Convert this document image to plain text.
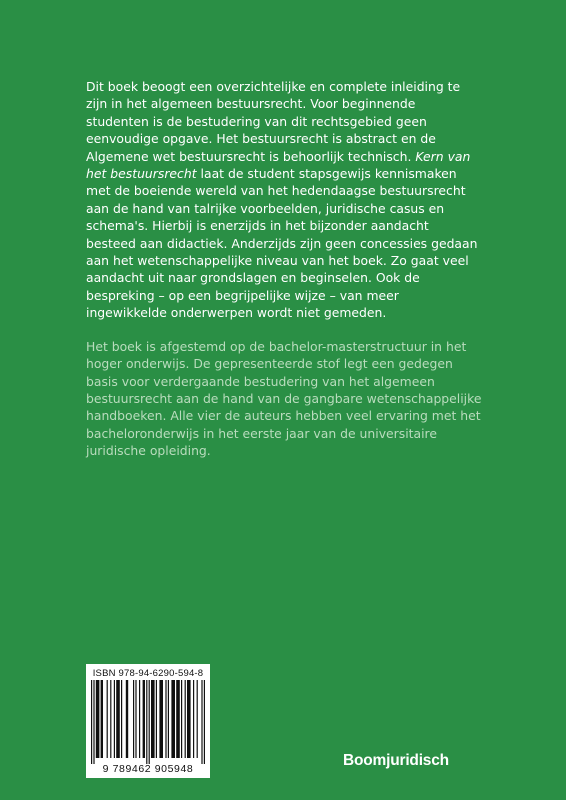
Dit boek beoogt een overzichtelijke en complete inleiding te zijn in het algemeen bestuursrecht. Voor beginnende studenten is de bestudering van dit rechtsgebied geen eenvoudige opgave. Het bestuursrecht is abstract en de Algemene wet bestuursrecht is behoorlijk technisch. Kern van het bestuursrecht laat de student stapsgewijs kennismaken met de boeiende wereld van het hedendaagse bestuursrecht aan de hand van talrijke voorbeelden, juridische casus en schema's. Hierbij is enerzijds in het bijzonder aandacht besteed aan didactiek. Anderzijds zijn geen concessies gedaan aan het wetenschappelijke niveau van het boek. Zo gaat veel aandacht uit naar grondslagen en beginselen. Ook de bespreking – op een begrijpelijke wijze – van meer ingewikkelde onderwerpen wordt niet gemeden.

Het boek is afgestemd op de bachelor-masterstructuur in het hoger onderwijs. De gepresenteerde stof legt een gedegen basis voor verdergaande bestudering van het algemeen bestuursrecht aan de hand van de gangbare wetenschappelijke handboeken. Alle vier de auteurs hebben veel ervaring met het bacheloronderwijs in het eerste jaar van de universitaire juridische opleiding.

ISBN 978-94-6290-594-8
9 789462 905948	Boomjuridisch
